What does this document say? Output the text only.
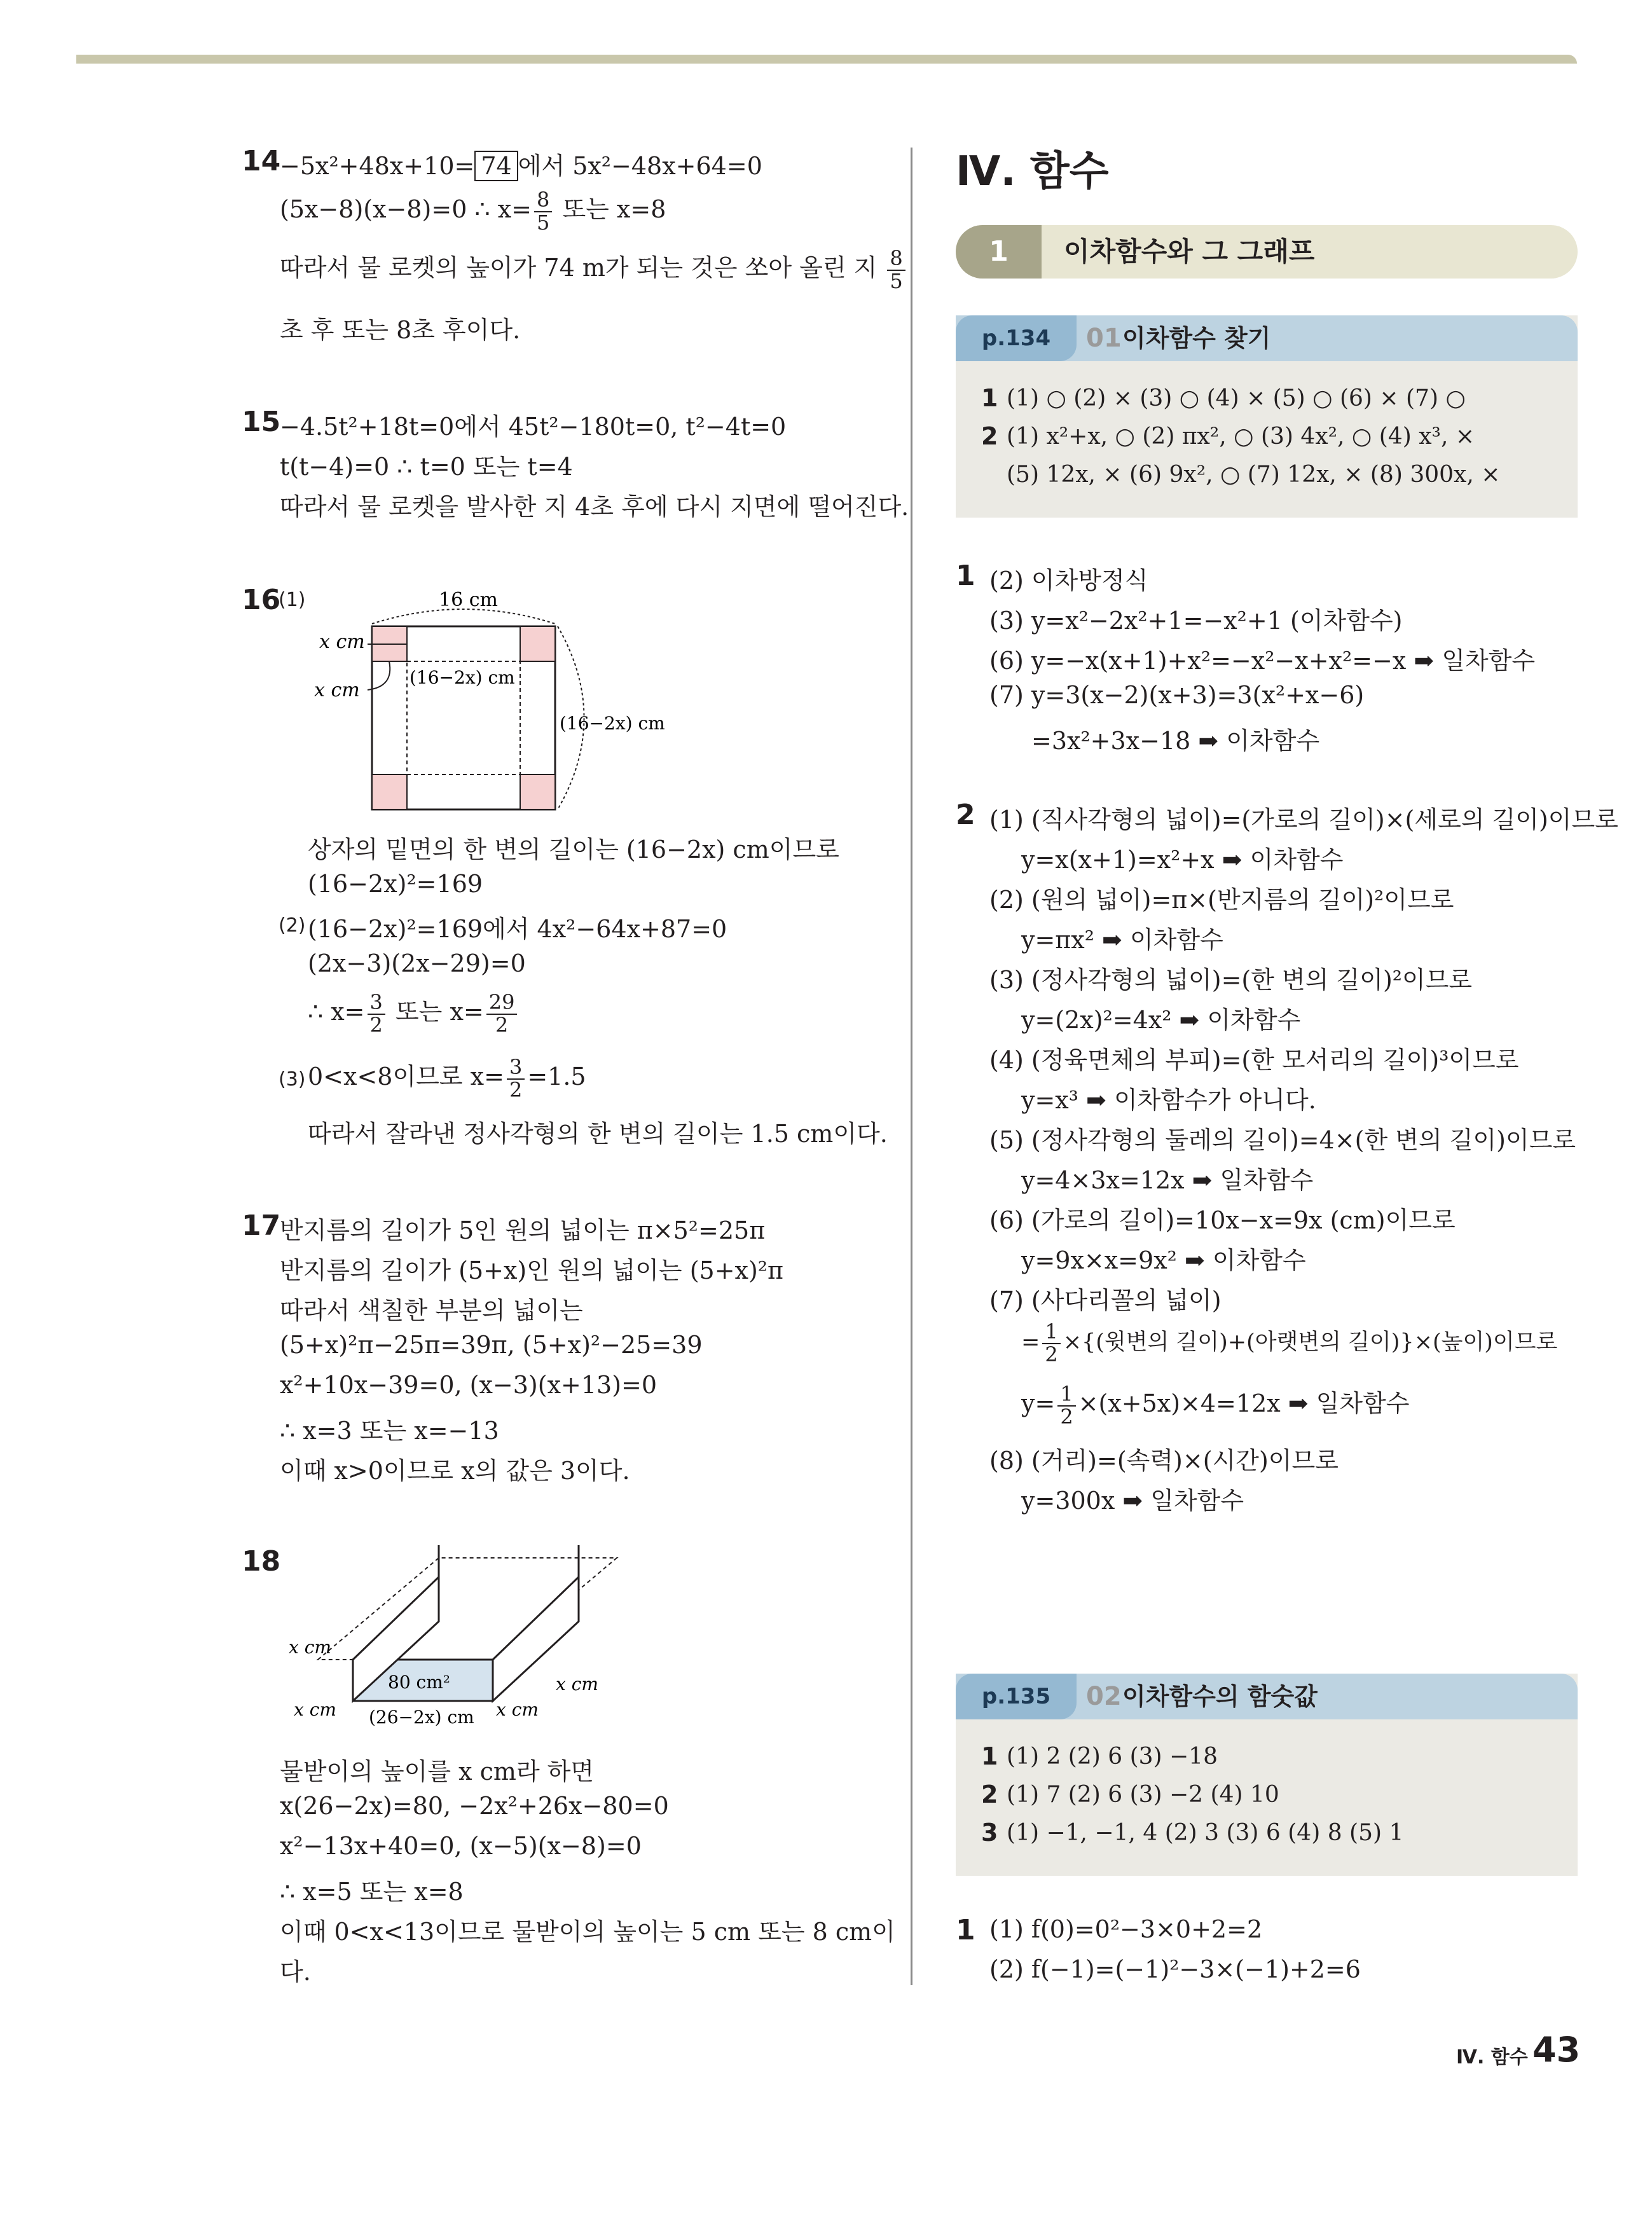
14
−5x²+48x+10= 74 에서 5x²−48x+64=0
(5x−8)(x−8)=0 ∴ $x= \frac{8}{5}$ 또는 x=8
따라서 물 로켓의 높이가 74 m가 되는 것은 쏘아 올린 지 $\frac{8}{5}$
초 후 또는 8초 후이다.
15
−4.5t²+18t=0에서 45t²−180t=0, t²−4t=0
t(t−4)=0 ∴ t=0 또는 t=4
따라서 물 로켓을 발사한 지 4초 후에 다시 지면에 떨어진다.
16
(1)	16 cm
x cm
x cm
(16−2x) cm
(16−2x) cm
상자의 밑면의 한 변의 길이는 (16−2x) cm이므로
(16−2x)²=169
(2) (16−2x)²=169에서 4x²−64x+87=0
(2x−3)(2x−29)=0
∴ $x= \frac{3}{2}$ 또는 $x= \frac{29}{2}$
(3) 0<x<8이므로 $x= \frac{3}{2} =1.5$
따라서 잘라낸 정사각형의 한 변의 길이는 1.5 cm이다.
17
반지름의 길이가 5인 원의 넓이는 π×5²=25π
반지름의 길이가 (5+x)인 원의 넓이는 (5+x)²π
따라서 색칠한 부분의 넓이는
(5+x)²π−25π=39π, (5+x)²−25=39
x²+10x−39=0, (x−3)(x+13)=0
∴ x=3 또는 x=−13
이때 x>0이므로 x의 값은 3이다.
18
80 cm²
x cm
x cm
x cm
x cm
(26−2x) cm
물받이의 높이를 x cm라 하면
x(26−2x)=80, −2x²+26x−80=0
x²−13x+40=0, (x−5)(x−8)=0
∴ x=5 또는 x=8
이때 0<x<13이므로 물받이의 높이는 5 cm 또는 8 cm이
다.
Ⅳ. 함수
1	이차함수와 그 그래프
p.134	01 이차함수 찾기
1 (1) ○ (2) × (3) ○ (4) × (5) ○ (6) × (7) ○
2 (1) x²+x, ○ (2) πx², ○ (3) 4x², ○ (4) x³, ×
(5) 12x, × (6) 9x², ○ (7) 12x, × (8) 300x, ×
1 (2) 이차방정식
(3) y=x²−2x²+1=−x²+1 (이차함수)
(6) y=−x(x+1)+x²=−x²−x+x²=−x ➡ 일차함수
(7) y=3(x−2)(x+3)=3(x²+x−6)
=3x²+3x−18 ➡ 이차함수
2 (1) (직사각형의 넓이)=(가로의 길이)×(세로의 길이)이므로
y=x(x+1)=x²+x ➡ 이차함수
(2) (원의 넓이)=π×(반지름의 길이)²이므로
y=πx² ➡ 이차함수
(3) (정사각형의 넓이)=(한 변의 길이)²이므로
y=(2x)²=4x² ➡ 이차함수
(4) (정육면체의 부피)=(한 모서리의 길이)³이므로
y=x³ ➡ 이차함수가 아니다.
(5) (정사각형의 둘레의 길이)=4×(한 변의 길이)이므로
y=4×3x=12x ➡ 일차함수
(6) (가로의 길이)=10x−x=9x (cm)이므로
y=9x×x=9x² ➡ 이차함수
(7) (사다리꼴의 넓이)
= $\frac{1}{2}$ ×{(윗변의 길이)+(아랫변의 길이)}×(높이)이므로
$y= \frac{1}{2} \times(x+5x)\times 4=12x$ ➡ 일차함수
(8) (거리)=(속력)×(시간)이므로
y=300x ➡ 일차함수
p.135	02 이차함수의 함숫값
1 (1) 2 (2) 6 (3) −18
2 (1) 7 (2) 6 (3) −2 (4) 10
3 (1) −1, −1, 4 (2) 3 (3) 6 (4) 8 (5) 1
1 (1) f(0)=0²−3×0+2=2
(2) f(−1)=(−1)²−3×(−1)+2=6
Ⅳ. 함수 43
